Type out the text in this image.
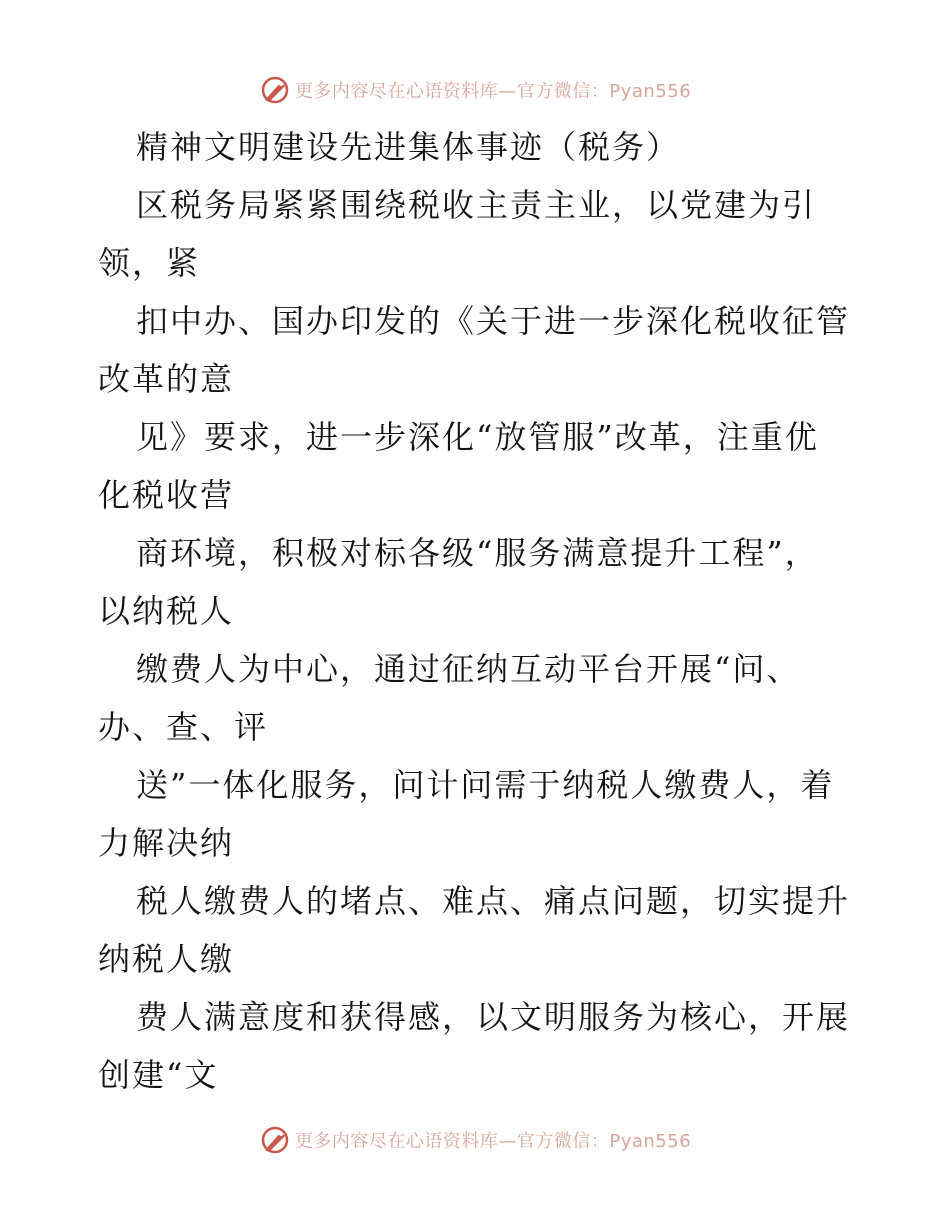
更多内容尽在心语资料库—官方微信：Pyan556
精神文明建设先进集体事迹（税务）
区税务局紧紧围绕税收主责主业，以党建为引
领，紧
扣中办、国办印发的《关于进一步深化税收征管
改革的意
见》要求，进一步深化“放管服”改革，注重优
化税收营
商环境，积极对标各级“服务满意提升工程”，
以纳税人
缴费人为中心，通过征纳互动平台开展“问、
办、查、评
送”一体化服务，问计问需于纳税人缴费人，着
力解决纳
税人缴费人的堵点、难点、痛点问题，切实提升
纳税人缴
费人满意度和获得感，以文明服务为核心，开展
创建“文
更多内容尽在心语资料库—官方微信：Pyan556
